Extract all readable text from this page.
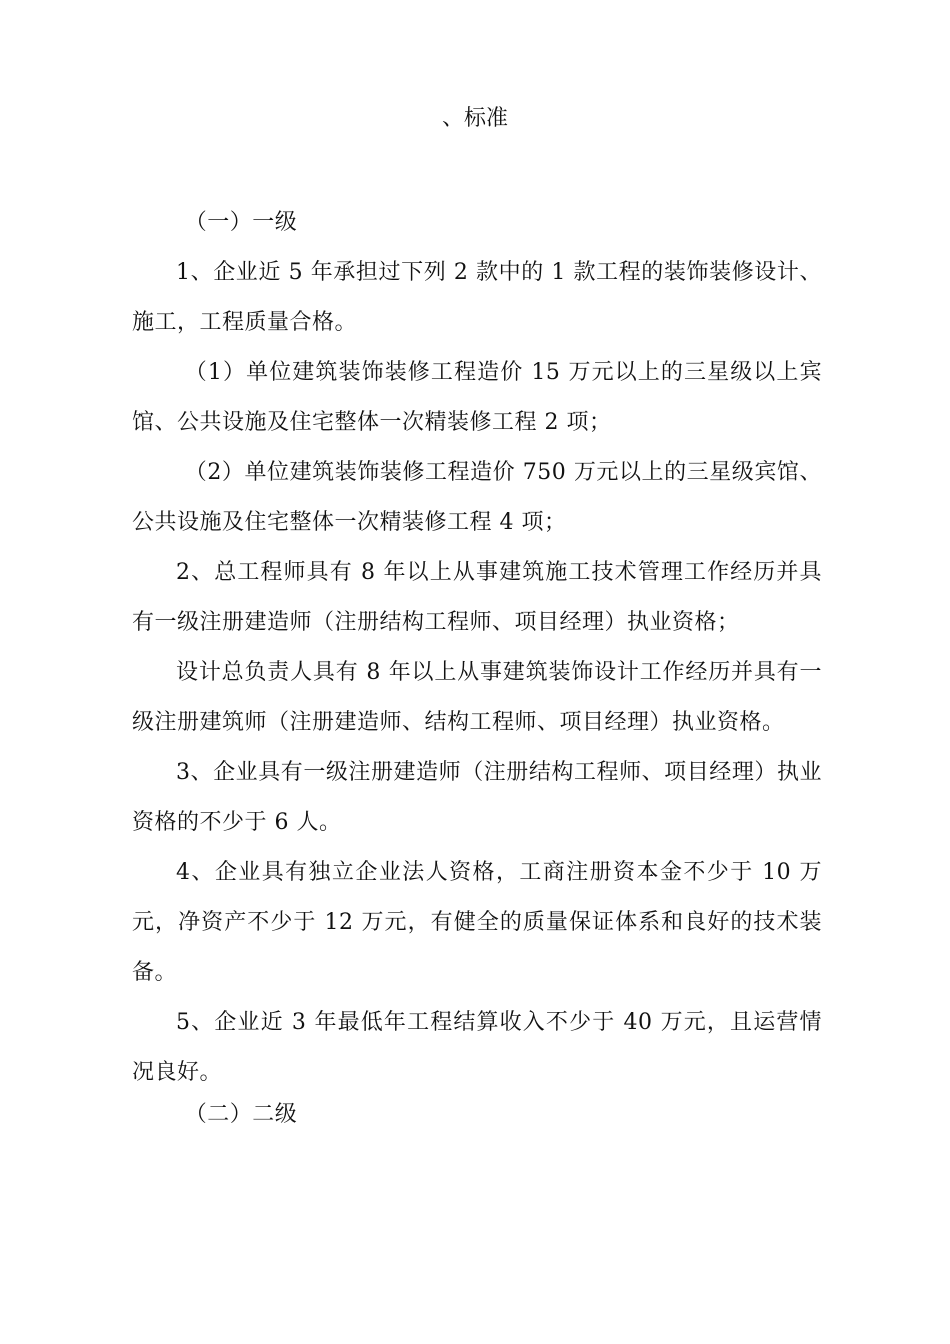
、标准

（一）一级

1、企业近 5 年承担过下列 2 款中的 1 款工程的装饰装修设计、施工，工程质量合格。

（1）单位建筑装饰装修工程造价 15 万元以上的三星级以上宾馆、公共设施及住宅整体一次精装修工程 2 项；

（2）单位建筑装饰装修工程造价 750 万元以上的三星级宾馆、公共设施及住宅整体一次精装修工程 4 项；

2、总工程师具有 8 年以上从事建筑施工技术管理工作经历并具有一级注册建造师（注册结构工程师、项目经理）执业资格；

设计总负责人具有 8 年以上从事建筑装饰设计工作经历并具有一级注册建筑师（注册建造师、结构工程师、项目经理）执业资格。

3、企业具有一级注册建造师（注册结构工程师、项目经理）执业资格的不少于 6 人。

4、企业具有独立企业法人资格，工商注册资本金不少于 10 万元，净资产不少于 12 万元，有健全的质量保证体系和良好的技术装备。

5、企业近 3 年最低年工程结算收入不少于 40 万元，且运营情况良好。

（二）二级
